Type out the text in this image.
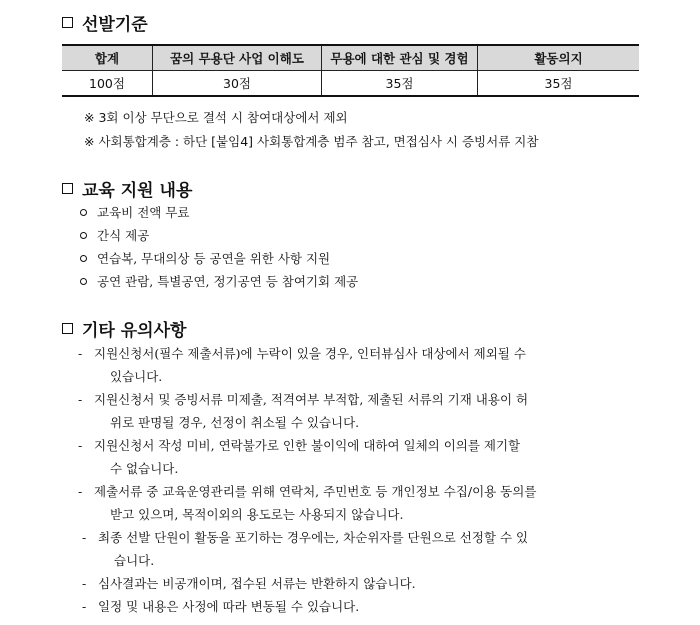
선발기준
합계	꿈의 무용단 사업 이해도	무용에 대한 관심 및 경험	활동의지
100점	30점	35점	35점
※ 3회 이상 무단으로 결석 시 참여대상에서 제외
※ 사회통합계층 : 하단 [붙임4] 사회통합계층 범주 참고, 면접심사 시 증빙서류 지참
교육 지원 내용
교육비 전액 무료
간식 제공
연습복, 무대의상 등 공연을 위한 사항 지원
공연 관람, 특별공연, 정기공연 등 참여기회 제공
기타 유의사항
- 지원신청서(필수 제출서류)에 누락이 있을 경우, 인터뷰심사 대상에서 제외될 수
있습니다.
- 지원신청서 및 증빙서류 미제출, 적격여부 부적합, 제출된 서류의 기재 내용이 허
위로 판명될 경우, 선정이 취소될 수 있습니다.
- 지원신청서 작성 미비, 연락불가로 인한 불이익에 대하여 일체의 이의를 제기할
수 없습니다.
- 제출서류 중 교육운영관리를 위해 연락처, 주민번호 등 개인정보 수집/이용 동의를
받고 있으며, 목적이외의 용도로는 사용되지 않습니다.
- 최종 선발 단원이 활동을 포기하는 경우에는, 차순위자를 단원으로 선정할 수 있
습니다.
- 심사결과는 비공개이며, 접수된 서류는 반환하지 않습니다.
- 일정 및 내용은 사정에 따라 변동될 수 있습니다.
